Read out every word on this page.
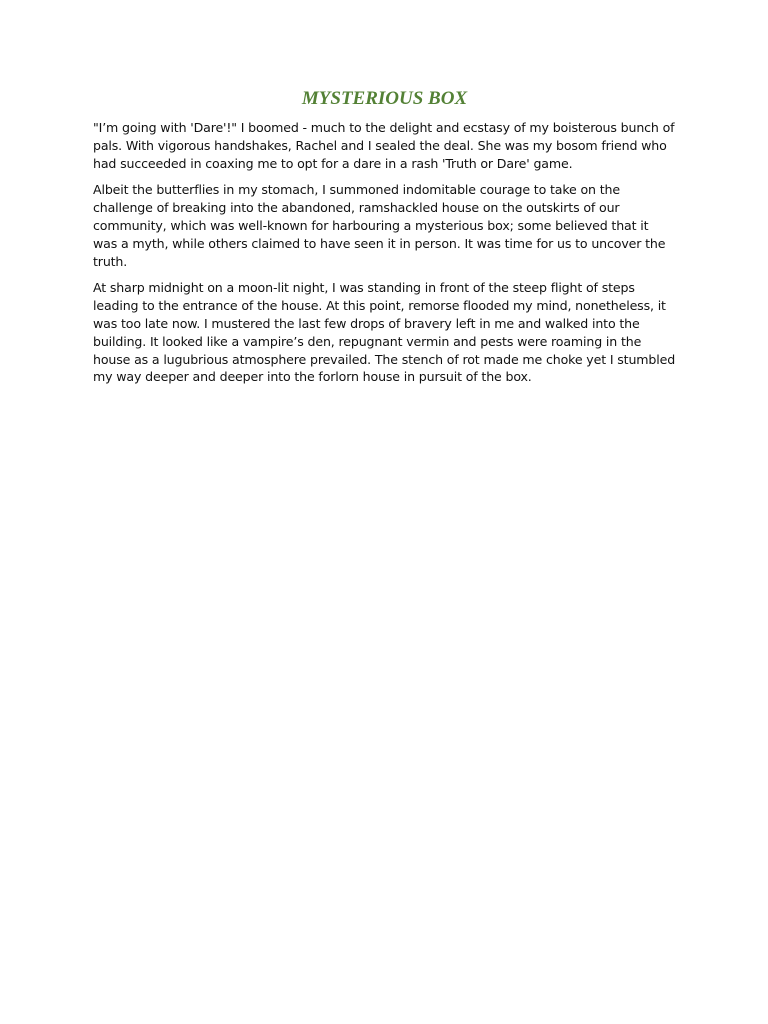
MYSTERIOUS BOX

"I’m going with 'Dare'!" I boomed - much to the delight and ecstasy of my boisterous bunch of pals. With vigorous handshakes, Rachel and I sealed the deal. She was my bosom friend who had succeeded in coaxing me to opt for a dare in a rash 'Truth or Dare' game.

Albeit the butterflies in my stomach, I summoned indomitable courage to take on the challenge of breaking into the abandoned, ramshackled house on the outskirts of our community, which was well-known for harbouring a mysterious box; some believed that it was a myth, while others claimed to have seen it in person. It was time for us to uncover the truth.

At sharp midnight on a moon-lit night, I was standing in front of the steep flight of steps leading to the entrance of the house. At this point, remorse flooded my mind, nonetheless, it was too late now. I mustered the last few drops of bravery left in me and walked into the building. It looked like a vampire’s den, repugnant vermin and pests were roaming in the house as a lugubrious atmosphere prevailed. The stench of rot made me choke yet I stumbled my way deeper and deeper into the forlorn house in pursuit of the box.
